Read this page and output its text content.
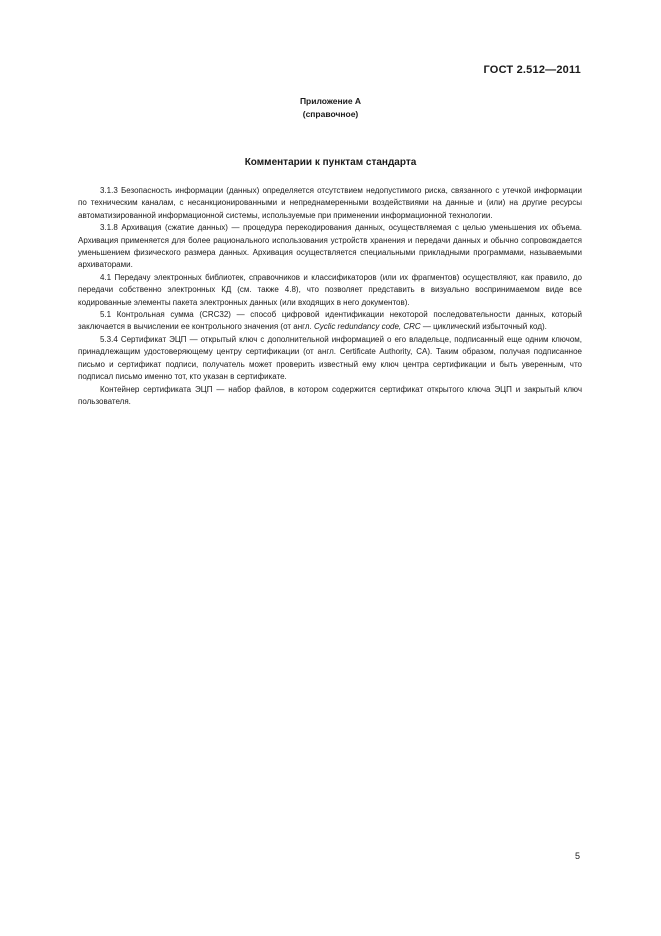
ГОСТ 2.512—2011
Приложение А
(справочное)
Комментарии к пунктам стандарта

3.1.3 Безопасность информации (данных) определяется отсутствием недопустимого риска, связанного с утечкой информации по техническим каналам, с несанкционированными и непреднамеренными воздействиями на данные и (или) на другие ресурсы автоматизированной информационной системы, используемые при применении информационной технологии.

3.1.8 Архивация (сжатие данных) — процедура перекодирования данных, осуществляемая с целью уменьшения их объема. Архивация применяется для более рационального использования устройств хранения и передачи данных и обычно сопровождается уменьшением физического размера данных. Архивация осуществляется специальными прикладными программами, называемыми архиваторами.

4.1 Передачу электронных библиотек, справочников и классификаторов (или их фрагментов) осуществляют, как правило, до передачи собственно электронных КД (см. также 4.8), что позволяет представить в визуально воспринимаемом виде все кодированные элементы пакета электронных данных (или входящих в него документов).

5.1 Контрольная сумма (CRC32) — способ цифровой идентификации некоторой последовательности данных, который заключается в вычислении ее контрольного значения (от англ. Cyclic redundancy code, CRC — циклический избыточный код).

5.3.4 Сертификат ЭЦП — открытый ключ с дополнительной информацией о его владельце, подписанный еще одним ключом, принадлежащим удостоверяющему центру сертификации (от англ. Certificate Authority, CA). Таким образом, получая подписанное письмо и сертификат подписи, получатель может проверить известный ему ключ центра сертификации и быть уверенным, что подписал письмо именно тот, кто указан в сертификате.

Контейнер сертификата ЭЦП — набор файлов, в котором содержится сертификат открытого ключа ЭЦП и закрытый ключ пользователя.

5
